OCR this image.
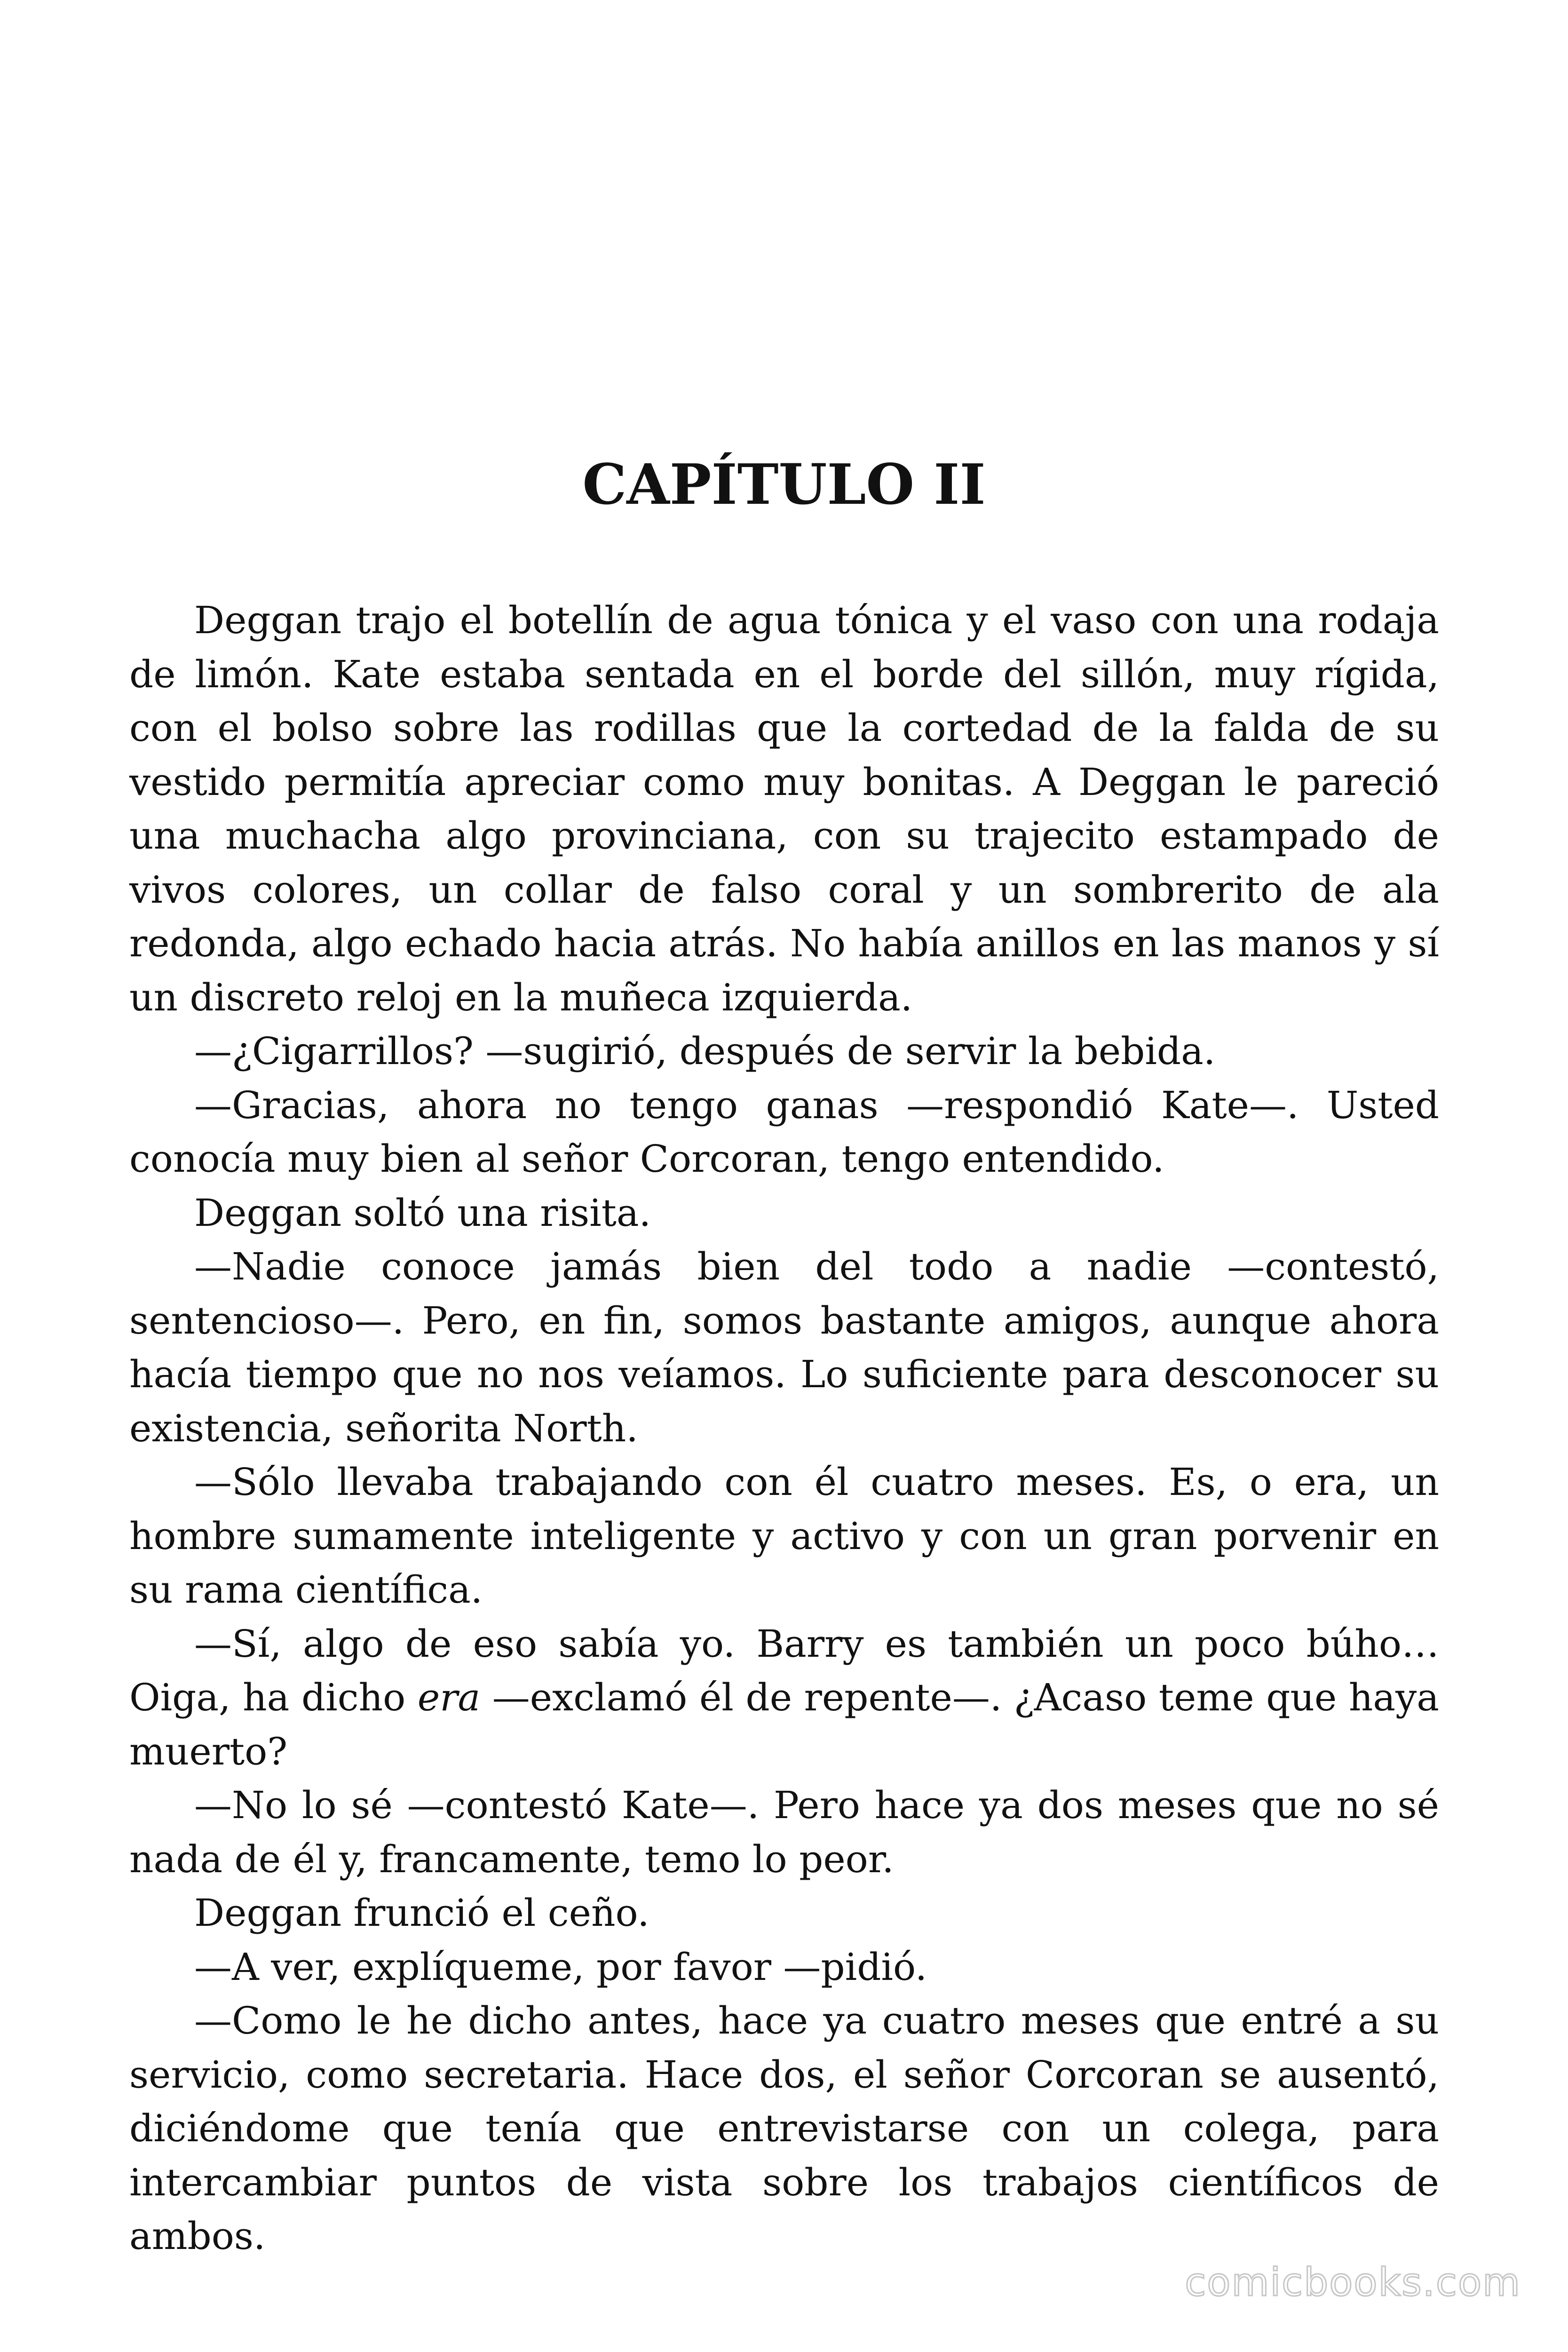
CAPÍTULO II

Deggan trajo el botellín de agua tónica y el vaso con una rodaja de limón. Kate estaba sentada en el borde del sillón, muy rígida, con el bolso sobre las rodillas que la cortedad de la falda de su vestido permitía apreciar como muy bonitas. A Deggan le pareció una muchacha algo provinciana, con su trajecito estampado de vivos colores, un collar de falso coral y un sombrerito de ala redonda, algo echado hacia atrás. No había anillos en las manos y sí un discreto reloj en la muñeca izquierda.

—¿Cigarrillos? —sugirió, después de servir la bebida.

—Gracias, ahora no tengo ganas —respondió Kate—. Usted conocía muy bien al señor Corcoran, tengo entendido.

Deggan soltó una risita.

—Nadie conoce jamás bien del todo a nadie —contestó, sentencioso—. Pero, en fin, somos bastante amigos, aunque ahora hacía tiempo que no nos veíamos. Lo suficiente para desconocer su existencia, señorita North.

—Sólo llevaba trabajando con él cuatro meses. Es, o era, un hombre sumamente inteligente y activo y con un gran porvenir en su rama científica.

—Sí, algo de eso sabía yo. Barry es también un poco búho… Oiga, ha dicho era —exclamó él de repente—. ¿Acaso teme que haya muerto?

—No lo sé —contestó Kate—. Pero hace ya dos meses que no sé nada de él y, francamente, temo lo peor.

Deggan frunció el ceño.

—A ver, explíqueme, por favor —pidió.

—Como le he dicho antes, hace ya cuatro meses que entré a su servicio, como secretaria. Hace dos, el señor Corcoran se ausentó, diciéndome que tenía que entrevistarse con un colega, para intercambiar puntos de vista sobre los trabajos científicos de ambos.

comicbooks.com
